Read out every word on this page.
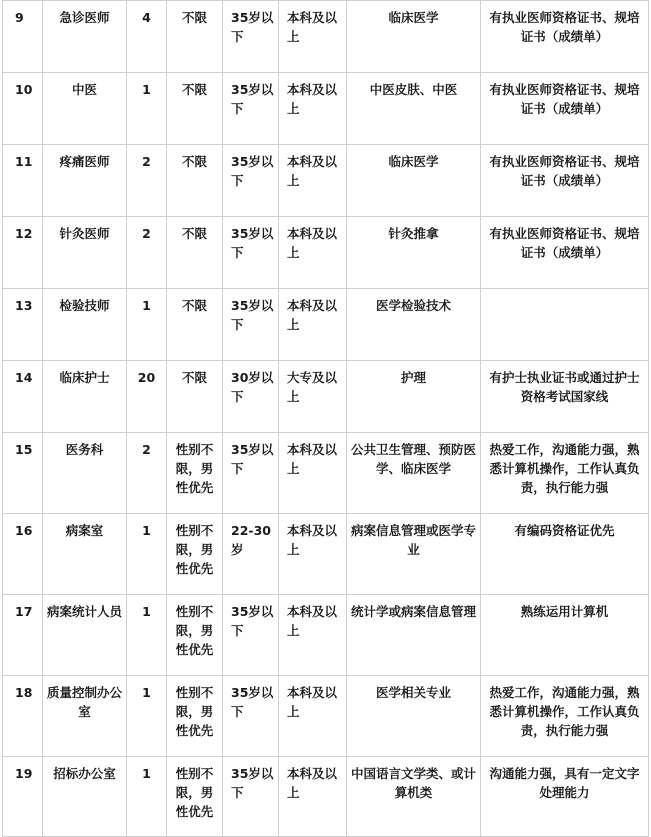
9	急诊医师	4	不限	35岁以下	本科及以上	临床医学	有执业医师资格证书、规培证书（成绩单）
10	中医	1	不限	35岁以下	本科及以上	中医皮肤、中医	有执业医师资格证书、规培证书（成绩单）
11	疼痛医师	2	不限	35岁以下	本科及以上	临床医学	有执业医师资格证书、规培证书（成绩单）
12	针灸医师	2	不限	35岁以下	本科及以上	针灸推拿	有执业医师资格证书、规培证书（成绩单）
13	检验技师	1	不限	35岁以下	本科及以上	医学检验技术	
14	临床护士	20	不限	30岁以下	大专及以上	护理	有护士执业证书或通过护士资格考试国家线
15	医务科	2	性别不限，男性优先	35岁以下	本科及以上	公共卫生管理、预防医学、临床医学	热爱工作，沟通能力强，熟悉计算机操作，工作认真负责，执行能力强
16	病案室	1	性别不限，男性优先	22-30岁	本科及以上	病案信息管理或医学专业	有编码资格证优先
17	病案统计人员	1	性别不限，男性优先	35岁以下	本科及以上	统计学或病案信息管理	熟练运用计算机
18	质量控制办公室	1	性别不限，男性优先	35岁以下	本科及以上	医学相关专业	热爱工作，沟通能力强，熟悉计算机操作，工作认真负责，执行能力强
19	招标办公室	1	性别不限，男性优先	35岁以下	本科及以上	中国语言文学类、或计算机类	沟通能力强，具有一定文字处理能力
